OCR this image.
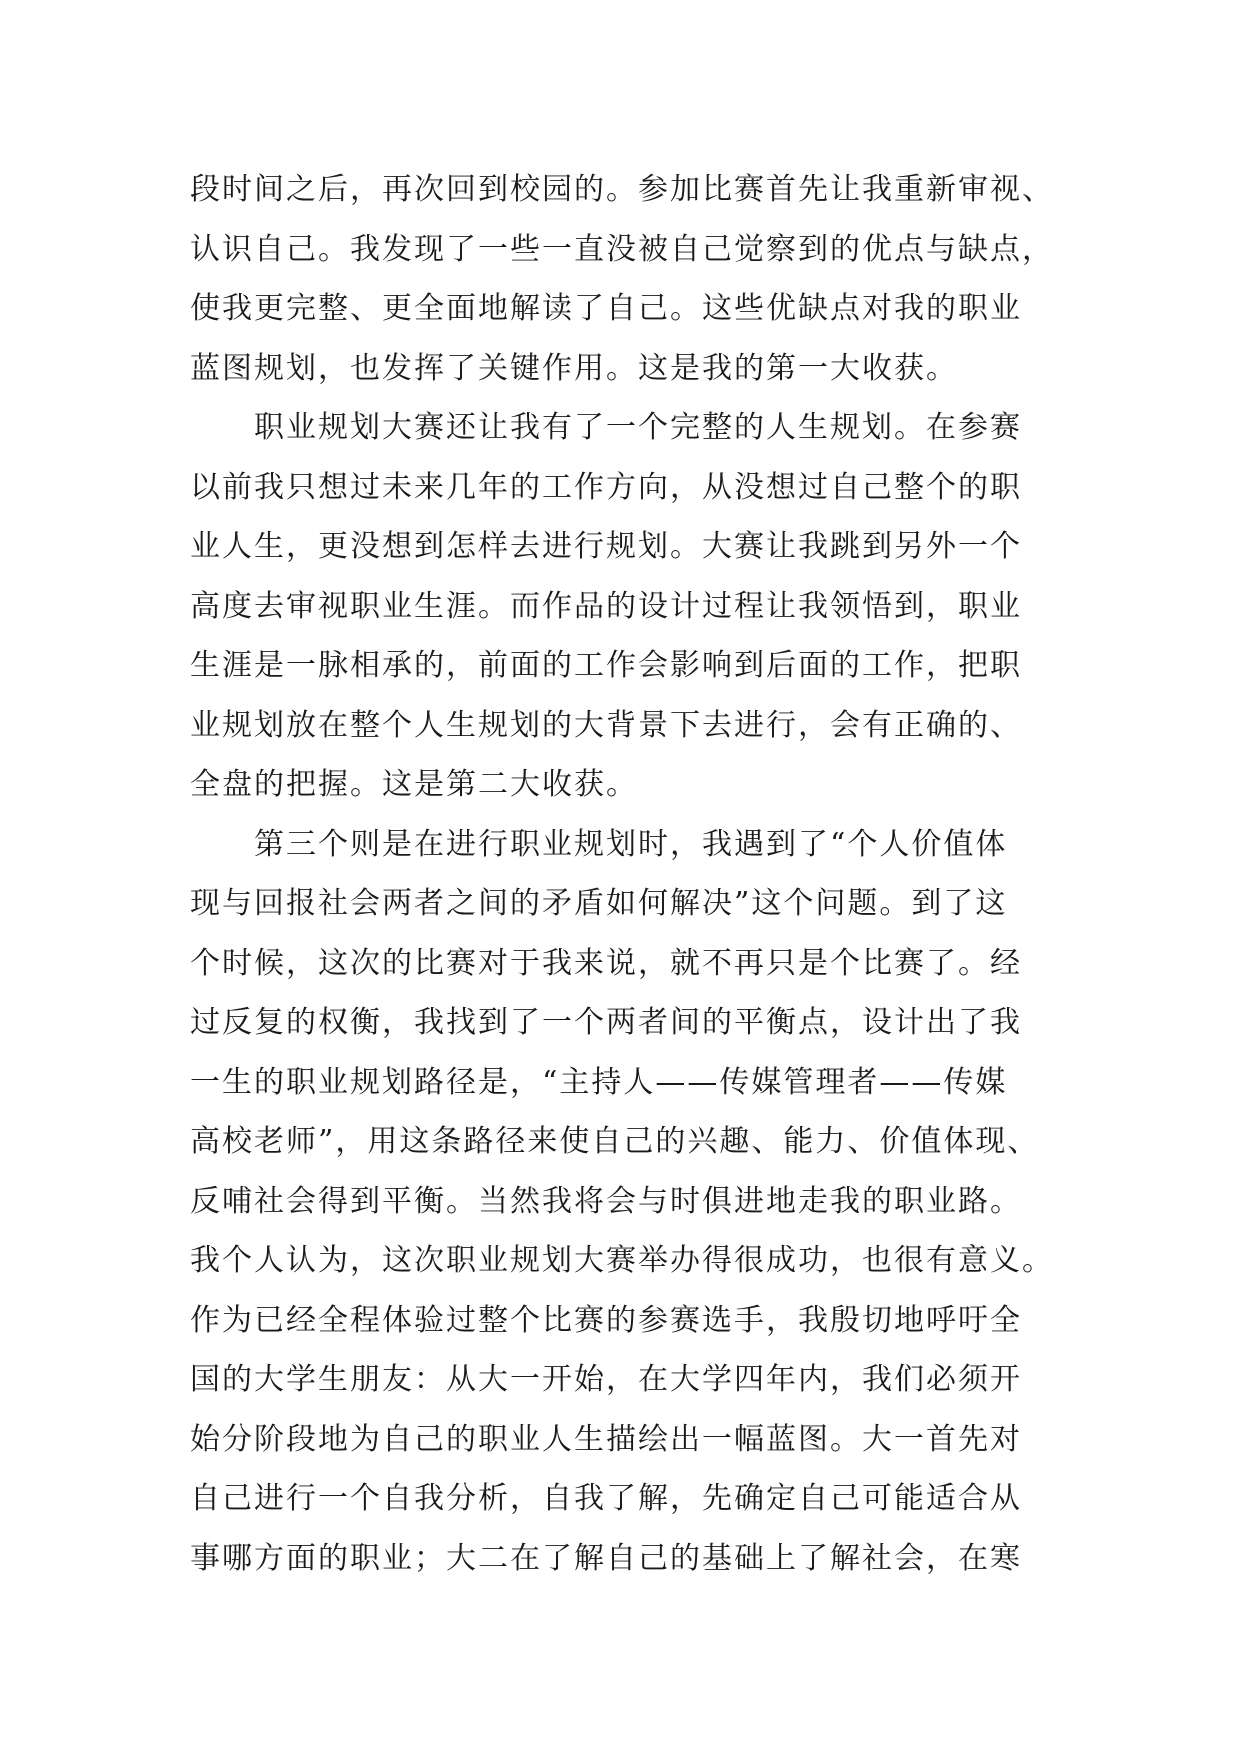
段时间之后，再次回到校园的。参加比赛首先让我重新审视、
认识自己。我发现了一些一直没被自己觉察到的优点与缺点，
使我更完整、更全面地解读了自己。这些优缺点对我的职业
蓝图规划，也发挥了关键作用。这是我的第一大收获。
职业规划大赛还让我有了一个完整的人生规划。在参赛
以前我只想过未来几年的工作方向，从没想过自己整个的职
业人生，更没想到怎样去进行规划。大赛让我跳到另外一个
高度去审视职业生涯。而作品的设计过程让我领悟到，职业
生涯是一脉相承的，前面的工作会影响到后面的工作，把职
业规划放在整个人生规划的大背景下去进行，会有正确的、
全盘的把握。这是第二大收获。
第三个则是在进行职业规划时，我遇到了“个人价值体
现与回报社会两者之间的矛盾如何解决”这个问题。到了这
个时候，这次的比赛对于我来说，就不再只是个比赛了。经
过反复的权衡，我找到了一个两者间的平衡点，设计出了我
一生的职业规划路径是，“主持人——传媒管理者——传媒
高校老师”，用这条路径来使自己的兴趣、能力、价值体现、
反哺社会得到平衡。当然我将会与时俱进地走我的职业路。
我个人认为，这次职业规划大赛举办得很成功，也很有意义。
作为已经全程体验过整个比赛的参赛选手，我殷切地呼吁全
国的大学生朋友：从大一开始，在大学四年内，我们必须开
始分阶段地为自己的职业人生描绘出一幅蓝图。大一首先对
自己进行一个自我分析，自我了解，先确定自己可能适合从
事哪方面的职业；大二在了解自己的基础上了解社会，在寒
